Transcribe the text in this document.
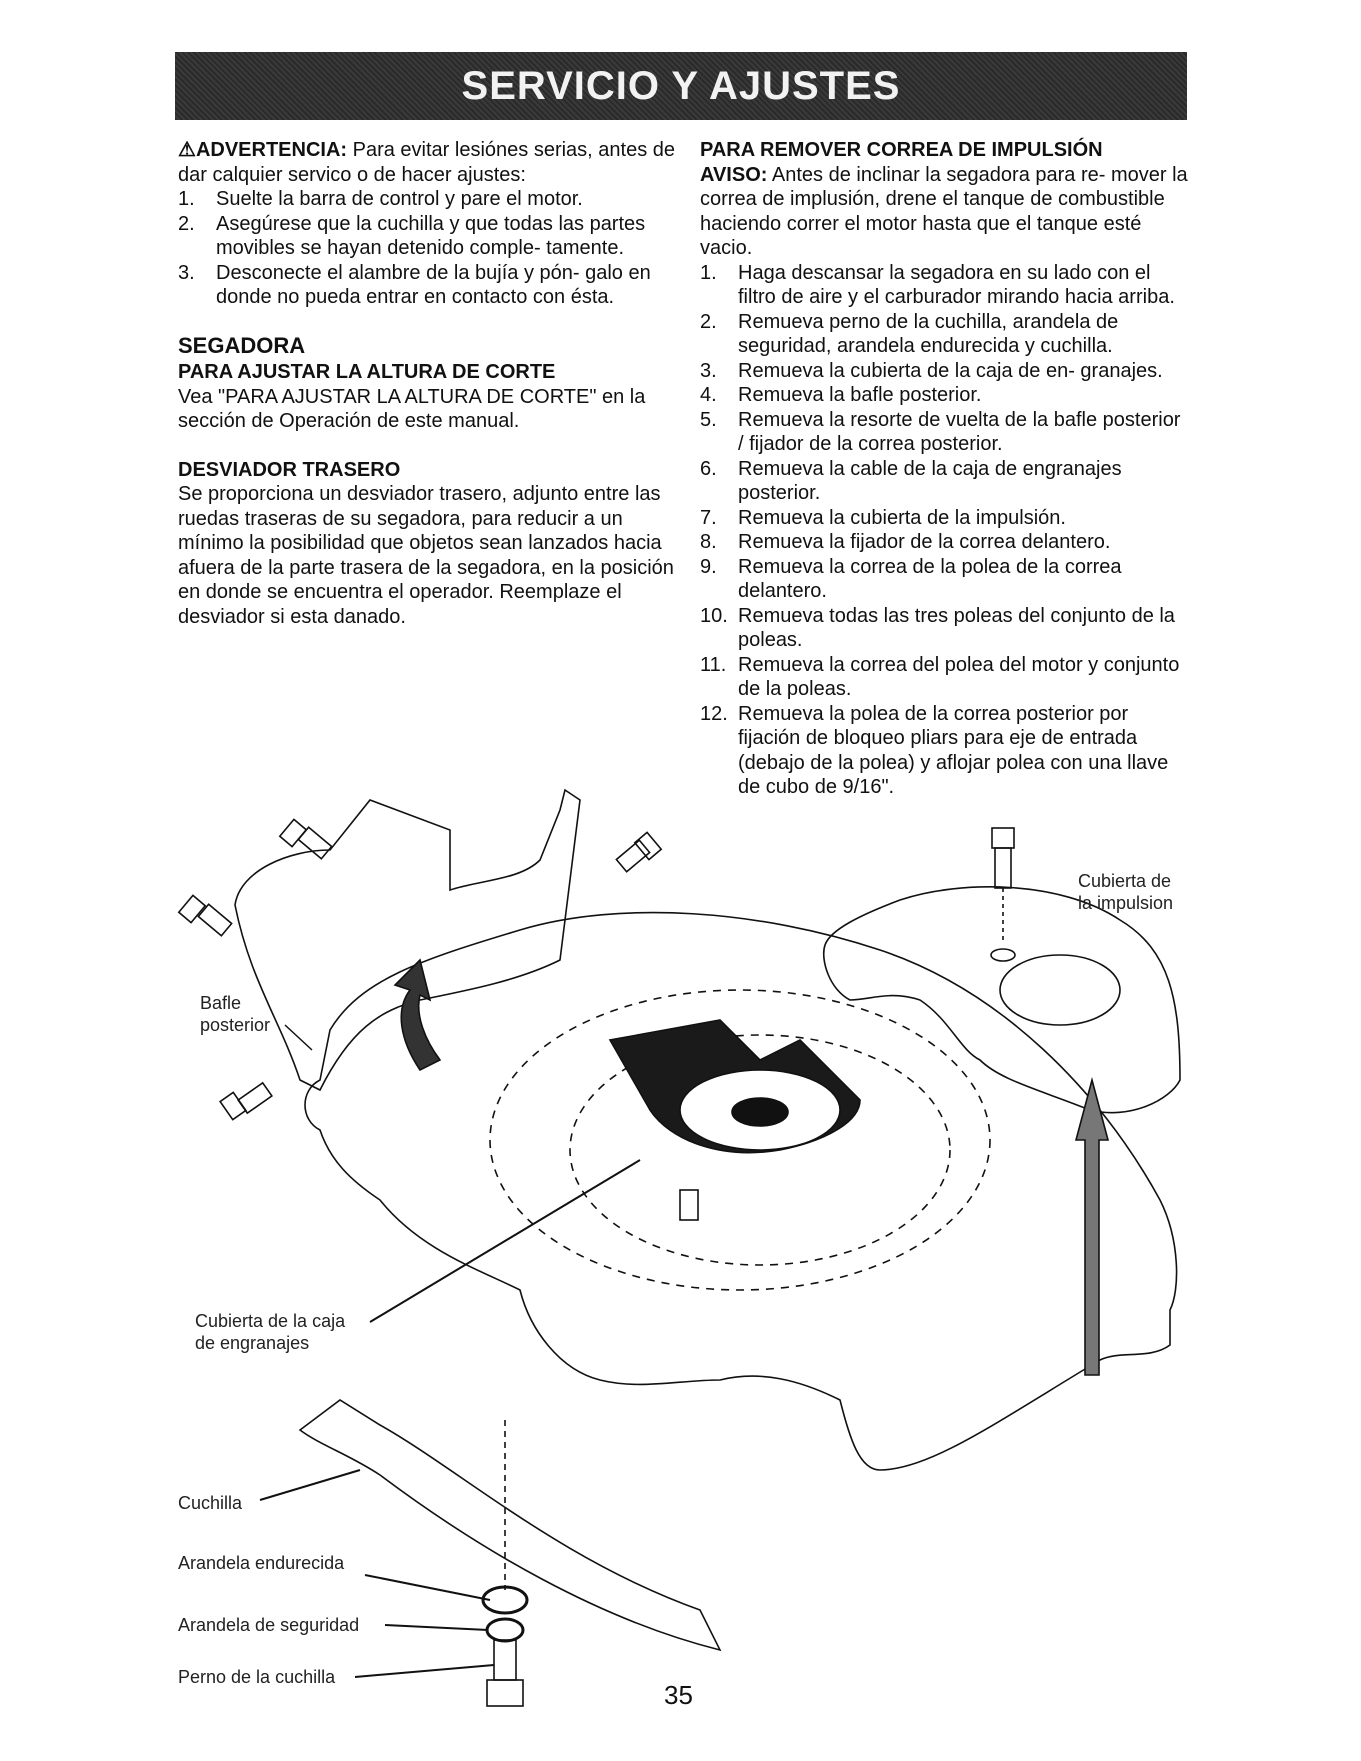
SERVICIO Y AJUSTES
⚠ADVERTENCIA: Para evitar lesiónes serias, antes de dar calquier servico o de hacer ajustes:
1.	Suelte la barra de control y pare el motor.
2.	Asegúrese que la cuchilla y que todas las partes movibles se hayan detenido comple- tamente.
3.	Desconecte el alambre de la bujía y pón- galo en donde no pueda entrar en contacto con ésta.
SEGADORA
PARA AJUSTAR LA ALTURA DE CORTE
Vea "PARA AJUSTAR LA ALTURA DE CORTE" en la sección de Operación de este manual.
DESVIADOR TRASERO
Se proporciona un desviador trasero, adjunto entre las ruedas traseras de su segadora, para reducir a un mínimo la posibilidad que objetos sean lanzados hacia afuera de la parte trasera de la segadora, en la posición en donde se encuentra el operador. Reemplaze el desviador si esta danado.
PARA REMOVER CORREA DE IMPULSIÓN
AVISO: Antes de inclinar la segadora para re- mover la correa de implusión, drene el tanque de combustible haciendo correr el motor hasta que el tanque esté vacio.
1.	Haga descansar la segadora en su lado con el filtro de aire y el carburador mirando hacia arriba.
2.	Remueva perno de la cuchilla, arandela de seguridad, arandela endurecida y cuchilla.
3.	Remueva la cubierta de la caja de en- granajes.
4.	Remueva la bafle posterior.
5.	Remueva la resorte de vuelta de la bafle posterior / fijador de la correa posterior.
6.	Remueva la cable de la caja de engranajes posterior.
7.	Remueva la cubierta de la impulsión.
8.	Remueva la fijador de la correa delantero.
9.	Remueva la correa de la polea de la correa delantero.
10. Remueva todas las tres poleas del conjunto de la poleas.
11. Remueva la correa del polea del motor y conjunto de la poleas.
12. Remueva la polea de la correa posterior por fijación de bloqueo pliars para eje de entrada (debajo de la polea) y aflojar polea con una llave de cubo de 9/16".
Cubierta de
la impulsion
Bafle
posterior
Cubierta de la caja
de engranajes
Cuchilla
Arandela endurecida
Arandela de seguridad
Perno de la cuchilla
35
